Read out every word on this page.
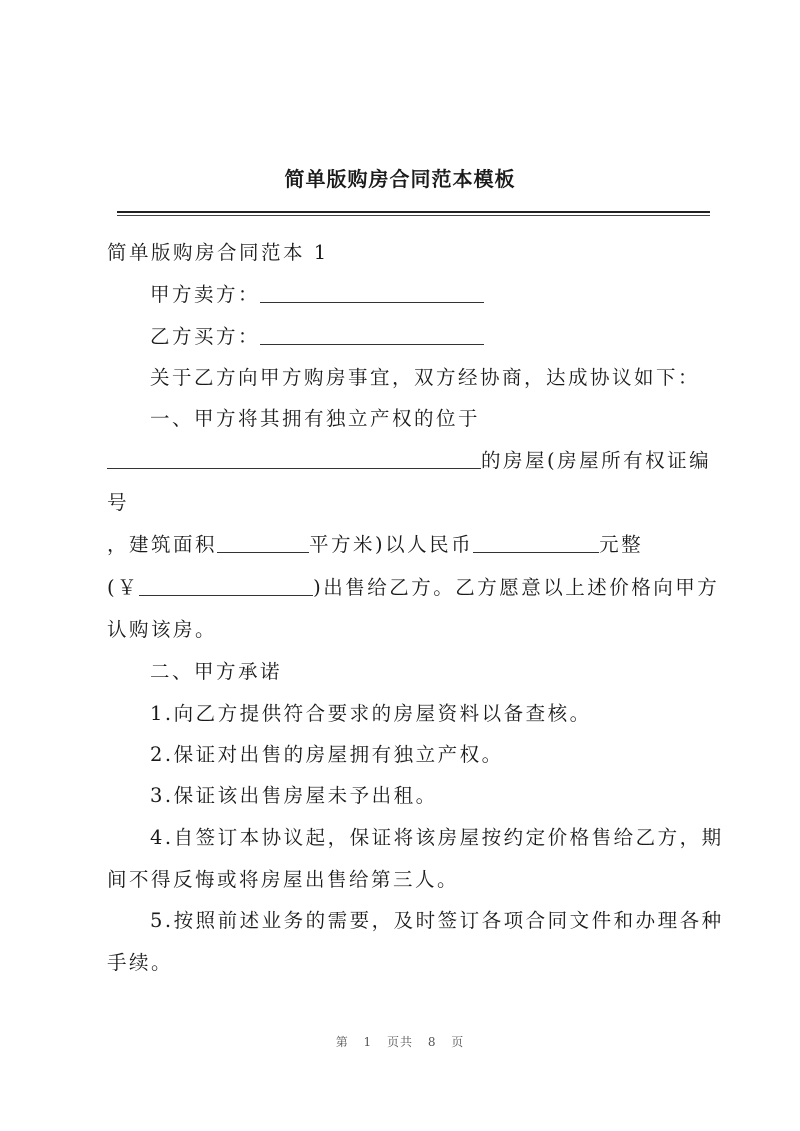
简单版购房合同范本模板
简单版购房合同范本 1
甲方卖方：
乙方买方：
关于乙方向甲方购房事宜，双方经协商，达成协议如下：
一、甲方将其拥有独立产权的位于
的房屋(房屋所有权证编
号
，建筑面积	平方米)以人民币	元整
(￥	)出售给乙方。乙方愿意以上述价格向甲方
认购该房。
二、甲方承诺
1.向乙方提供符合要求的房屋资料以备查核。
2.保证对出售的房屋拥有独立产权。
3.保证该出售房屋未予出租。
4.自签订本协议起，保证将该房屋按约定价格售给乙方，期
间不得反悔或将房屋出售给第三人。
5.按照前述业务的需要，及时签订各项合同文件和办理各种
手续。
第 1 页共 8 页
